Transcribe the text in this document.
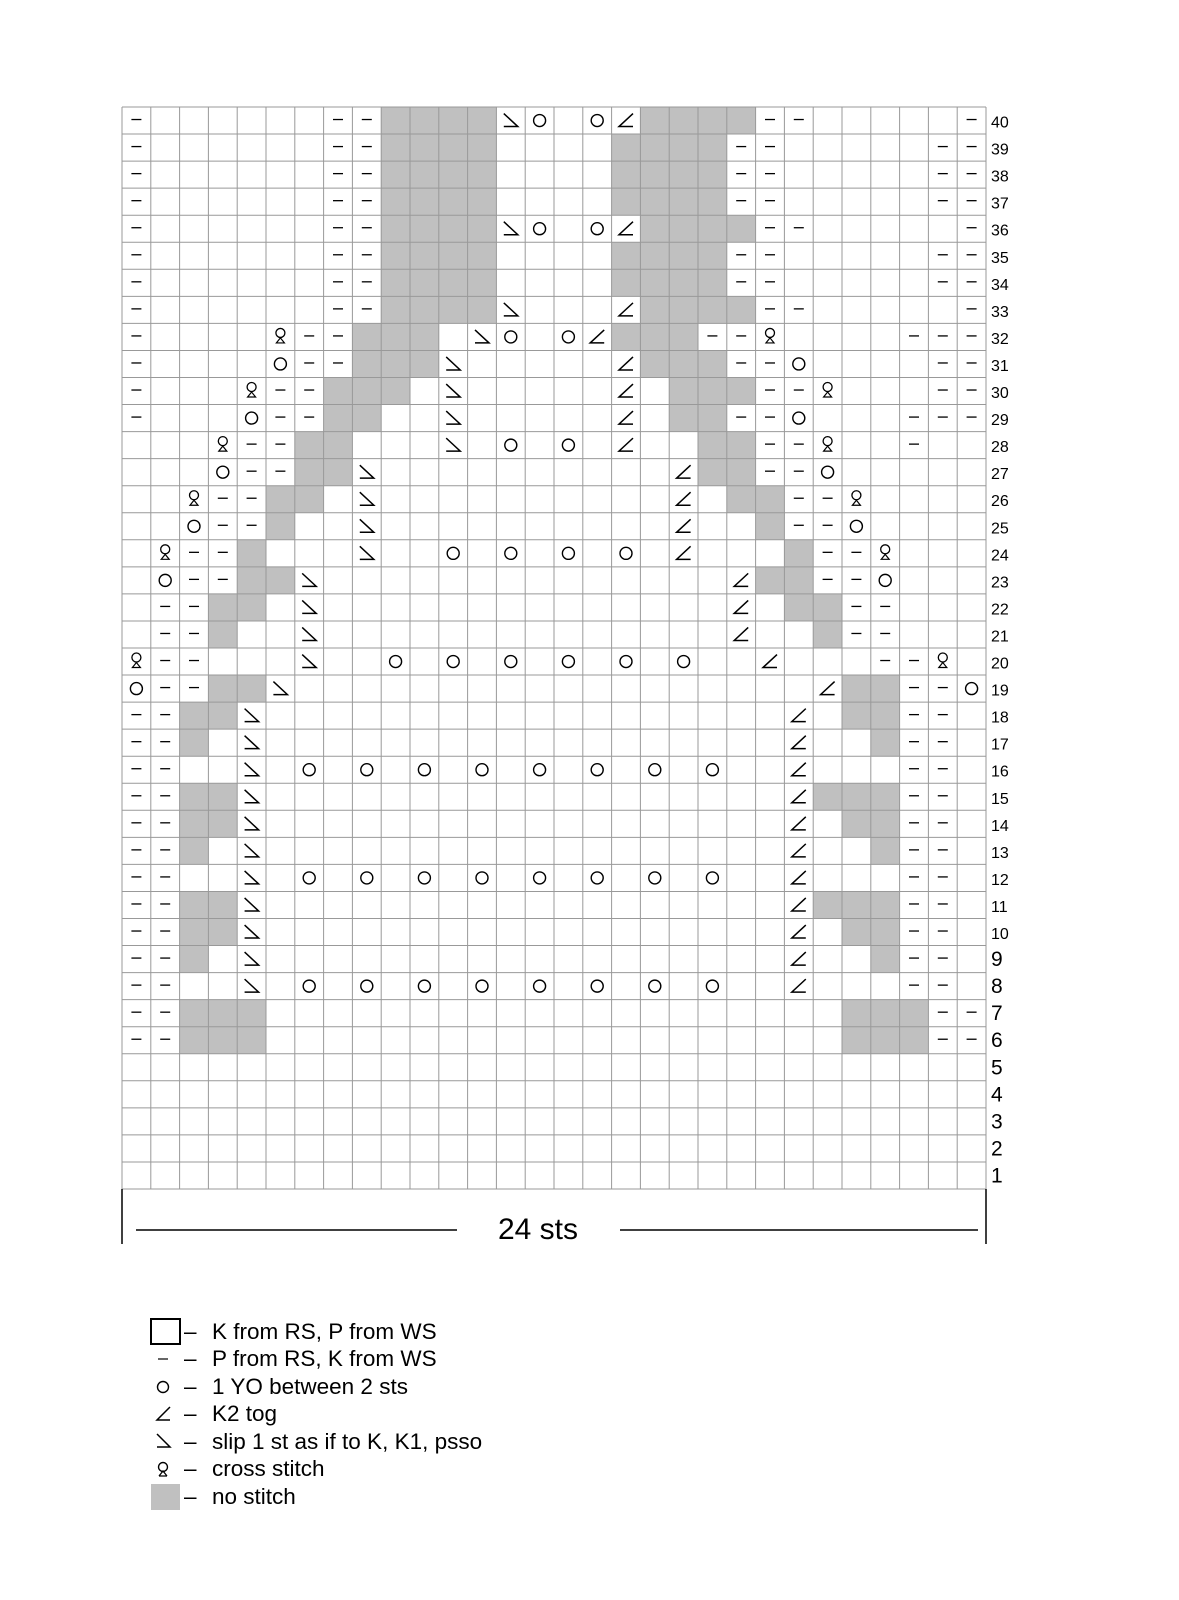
40
39
38
37
36
35
34
33
32
31
30
29
28
27
26
25
24
23
22
21
20
19
18
17
16
15
14
13
12
11
10
9
8
7
6
5
4
3
2
1
24 sts
– K from RS, P from WS
– P from RS, K from WS
– 1 YO between 2 sts
– K2 tog
– slip 1 st as if to K, K1, psso
– cross stitch
– no stitch
